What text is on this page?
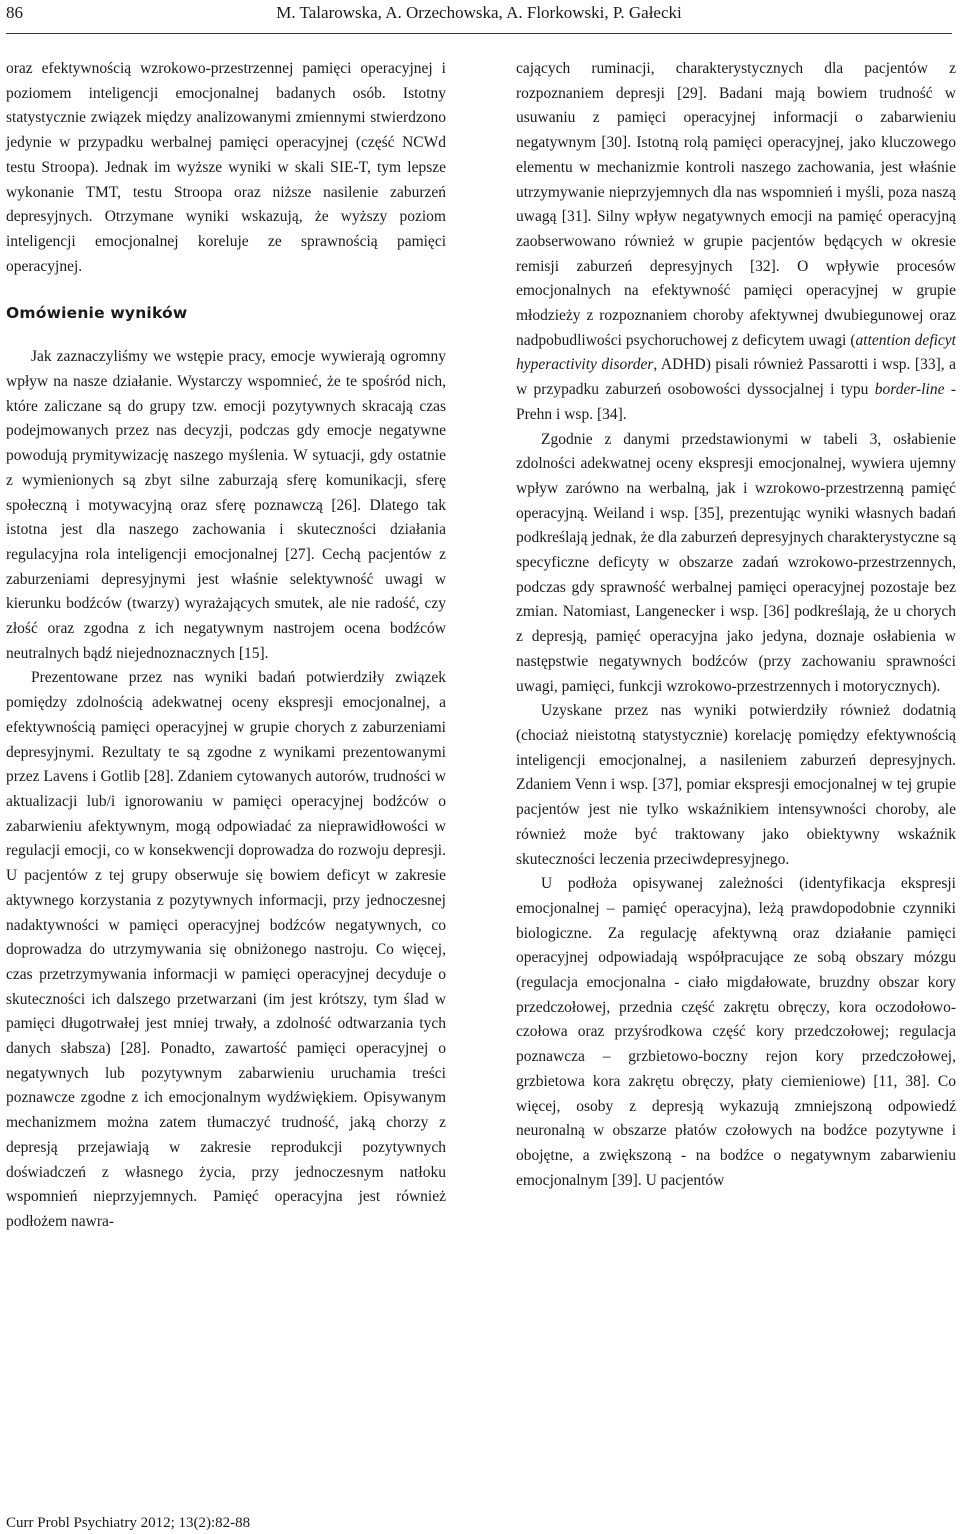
86	M. Talarowska, A. Orzechowska, A. Florkowski, P. Gałecki

oraz efektywnością wzrokowo-przestrzennej pamięci operacyjnej i poziomem inteligencji emocjonalnej badanych osób. Istotny statystycznie związek między analizowanymi zmiennymi stwierdzono jedynie w przypadku werbalnej pamięci operacyjnej (część NCWd testu Stroopa). Jednak im wyższe wyniki w skali SIE-T, tym lepsze wykonanie TMT, testu Stroopa oraz niższe nasilenie zaburzeń depresyjnych. Otrzymane wyniki wskazują, że wyższy poziom inteligencji emocjonalnej koreluje ze sprawnością pamięci operacyjnej.

Omówienie wyników

Jak zaznaczyliśmy we wstępie pracy, emocje wywierają ogromny wpływ na nasze działanie. Wystarczy wspomnieć, że te spośród nich, które zaliczane są do grupy tzw. emocji pozytywnych skracają czas podejmowanych przez nas decyzji, podczas gdy emocje negatywne powodują prymitywizację naszego myślenia. W sytuacji, gdy ostatnie z wymienionych są zbyt silne zaburzają sferę komunikacji, sferę społeczną i motywacyjną oraz sferę poznawczą [26]. Dlatego tak istotna jest dla naszego zachowania i skuteczności działania regulacyjna rola inteligencji emocjonalnej [27]. Cechą pacjentów z zaburzeniami depresyjnymi jest właśnie selektywność uwagi w kierunku bodźców (twarzy) wyrażających smutek, ale nie radość, czy złość oraz zgodna z ich negatywnym nastrojem ocena bodźców neutralnych bądź niejednoznacznych [15].

Prezentowane przez nas wyniki badań potwierdziły związek pomiędzy zdolnością adekwatnej oceny ekspresji emocjonalnej, a efektywnością pamięci operacyjnej w grupie chorych z zaburzeniami depresyjnymi. Rezultaty te są zgodne z wynikami prezentowanymi przez Lavens i Gotlib [28]. Zdaniem cytowanych autorów, trudności w aktualizacji lub/i ignorowaniu w pamięci operacyjnej bodźców o zabarwieniu afektywnym, mogą odpowiadać za nieprawidłowości w regulacji emocji, co w konsekwencji doprowadza do rozwoju depresji. U pacjentów z tej grupy obserwuje się bowiem deficyt w zakresie aktywnego korzystania z pozytywnych informacji, przy jednoczesnej nadaktywności w pamięci operacyjnej bodźców negatywnych, co doprowadza do utrzymywania się obniżonego nastroju. Co więcej, czas przetrzymywania informacji w pamięci operacyjnej decyduje o skuteczności ich dalszego przetwarzani (im jest krótszy, tym ślad w pamięci długotrwałej jest mniej trwały, a zdolność odtwarzania tych danych słabsza) [28]. Ponadto, zawartość pamięci operacyjnej o negatywnych lub pozytywnym zabarwieniu uruchamia treści poznawcze zgodne z ich emocjonalnym wydźwiękiem. Opisywanym mechanizmem można zatem tłumaczyć trudność, jaką chorzy z depresją przejawiają w zakresie reprodukcji pozytywnych doświadczeń z własnego życia, przy jednoczesnym natłoku wspomnień nieprzyjemnych. Pamięć operacyjna jest również podłożem nawra-

cających ruminacji, charakterystycznych dla pacjentów z rozpoznaniem depresji [29]. Badani mają bowiem trudność w usuwaniu z pamięci operacyjnej informacji o zabarwieniu negatywnym [30]. Istotną rolą pamięci operacyjnej, jako kluczowego elementu w mechanizmie kontroli naszego zachowania, jest właśnie utrzymywanie nieprzyjemnych dla nas wspomnień i myśli, poza naszą uwagą [31]. Silny wpływ negatywnych emocji na pamięć operacyjną zaobserwowano również w grupie pacjentów będących w okresie remisji zaburzeń depresyjnych [32]. O wpływie procesów emocjonalnych na efektywność pamięci operacyjnej w grupie młodzieży z rozpoznaniem choroby afektywnej dwubiegunowej oraz nadpobudliwości psychoruchowej z deficytem uwagi (attention deficyt hyperactivity disorder, ADHD) pisali również Passarotti i wsp. [33], a w przypadku zaburzeń osobowości dyssocjalnej i typu border-line - Prehn i wsp. [34].

Zgodnie z danymi przedstawionymi w tabeli 3, osłabienie zdolności adekwatnej oceny ekspresji emocjonalnej, wywiera ujemny wpływ zarówno na werbalną, jak i wzrokowo-przestrzenną pamięć operacyjną. Weiland i wsp. [35], prezentując wyniki własnych badań podkreślają jednak, że dla zaburzeń depresyjnych charakterystyczne są specyficzne deficyty w obszarze zadań wzrokowo-przestrzennych, podczas gdy sprawność werbalnej pamięci operacyjnej pozostaje bez zmian. Natomiast, Langenecker i wsp. [36] podkreślają, że u chorych z depresją, pamięć operacyjna jako jedyna, doznaje osłabienia w następstwie negatywnych bodźców (przy zachowaniu sprawności uwagi, pamięci, funkcji wzrokowo-przestrzennych i motorycznych).

Uzyskane przez nas wyniki potwierdziły również dodatnią (chociaż nieistotną statystycznie) korelację pomiędzy efektywnością inteligencji emocjonalnej, a nasileniem zaburzeń depresyjnych. Zdaniem Venn i wsp. [37], pomiar ekspresji emocjonalnej w tej grupie pacjentów jest nie tylko wskaźnikiem intensywności choroby, ale również może być traktowany jako obiektywny wskaźnik skuteczności leczenia przeciwdepresyjnego.

U podłoża opisywanej zależności (identyfikacja ekspresji emocjonalnej – pamięć operacyjna), leżą prawdopodobnie czynniki biologiczne. Za regulację afektywną oraz działanie pamięci operacyjnej odpowiadają współpracujące ze sobą obszary mózgu (regulacja emocjonalna - ciało migdałowate, bruzdny obszar kory przedczołowej, przednia część zakrętu obręczy, kora oczodołowo-czołowa oraz przyśrodkowa część kory przedczołowej; regulacja poznawcza – grzbietowo-boczny rejon kory przedczołowej, grzbietowa kora zakrętu obręczy, płaty ciemieniowe) [11, 38]. Co więcej, osoby z depresją wykazują zmniejszoną odpowiedź neuronalną w obszarze płatów czołowych na bodźce pozytywne i obojętne, a zwiększoną - na bodźce o negatywnym zabarwieniu emocjonalnym [39]. U pacjentów

Curr Probl Psychiatry 2012; 13(2):82-88
